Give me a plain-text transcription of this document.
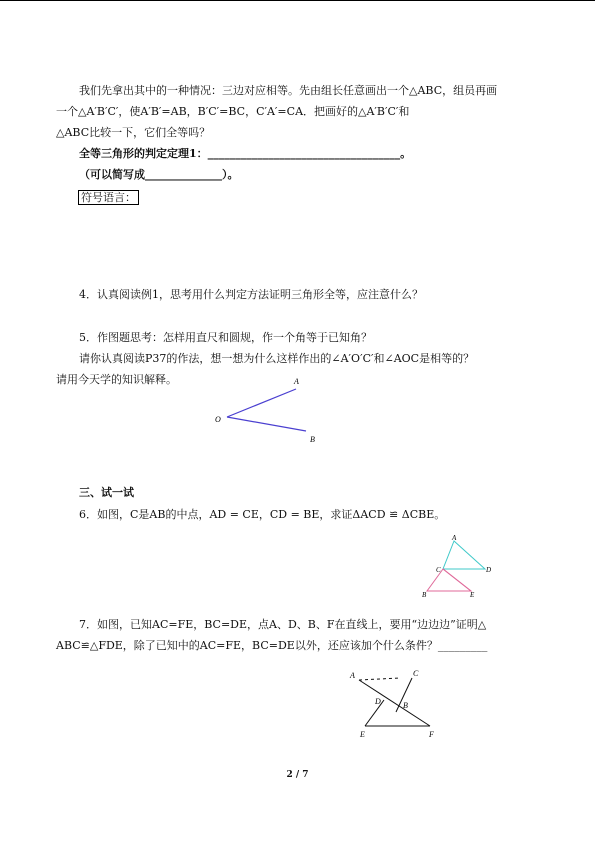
我们先拿出其中的一种情况：三边对应相等。先由组长任意画出一个△ABC，组员再画
一个△A′B′C′，使A′B′=AB，B′C′=BC，C′A′=CA．把画好的△A′B′C′和
△ABC比较一下，它们全等吗？
全等三角形的判定定理1：___________________________________。
（可以简写成______________）。
符号语言：
4．认真阅读例1，思考用什么判定方法证明三角形全等，应注意什么？
5．作图题思考：怎样用直尺和圆规，作一个角等于已知角？
请你认真阅读P37的作法，想一想为什么这样作出的∠A′O′C′和∠AOC是相等的？
请用今天学的知识解释。	A
O
B
三、试一试
6．如图，C是AB的中点，AD = CE，CD = BE，求证ΔACD ≌ ΔCBE。
A
C	D
B	E
7．如图，已知AC=FE，BC=DE，点A、D、B、F在直线上，要用“边边边”证明△
ABC≌△FDE，除了已知中的AC=FE，BC=DE以外，还应该加个什么条件？_________
A	C
D	B
E	F
2 / 7
